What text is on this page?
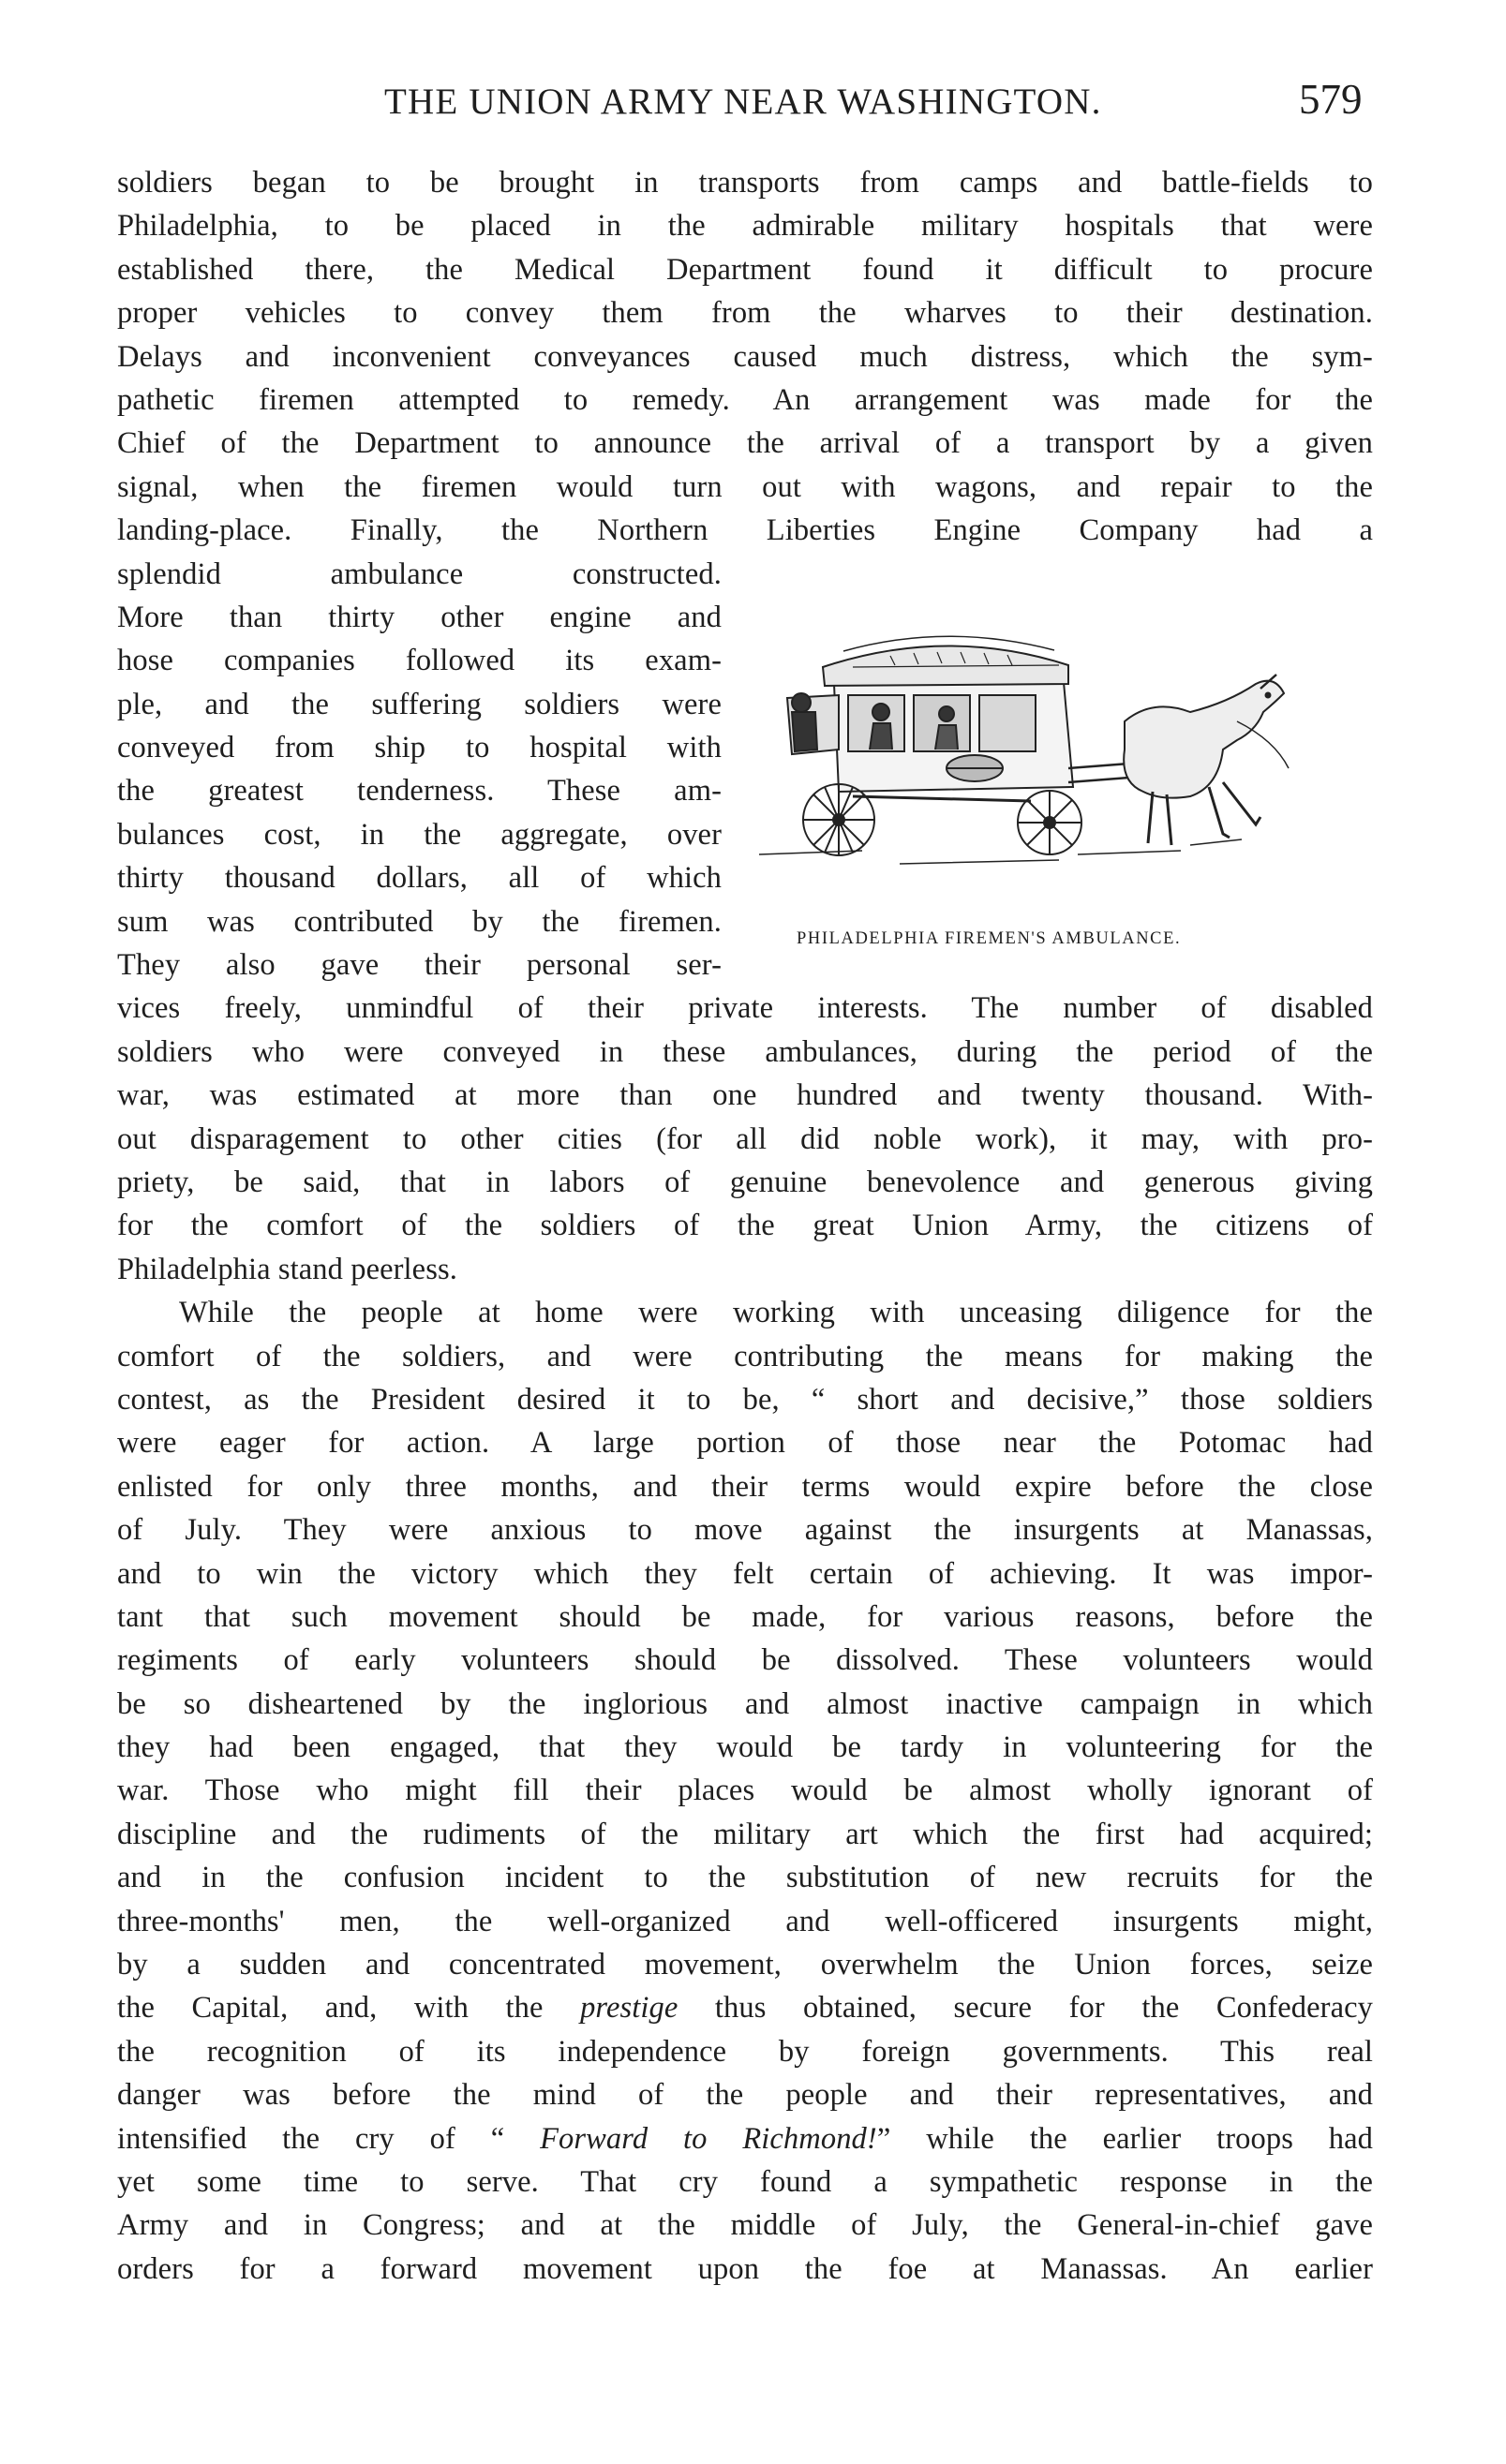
THE UNION ARMY NEAR WASHINGTON.	579
PHILADELPHIA FIREMEN'S AMBULANCE.
soldiers began to be brought in transports from camps and battle-fields to
Philadelphia, to be placed in the admirable military hospitals that were
established there, the Medical Department found it difficult to procure
proper vehicles to convey them from the wharves to their destination.
Delays and inconvenient conveyances caused much distress, which the sym-
pathetic firemen attempted to remedy. An arrangement was made for the
Chief of the Department to announce the arrival of a transport by a given
signal, when the firemen would turn out with wagons, and repair to the
landing-place. Finally, the Northern Liberties Engine Company had a
splendid ambulance constructed.
More than thirty other engine and
hose companies followed its exam-
ple, and the suffering soldiers were
conveyed from ship to hospital with
the greatest tenderness. These am-
bulances cost, in the aggregate, over
thirty thousand dollars, all of which
sum was contributed by the firemen.
They also gave their personal ser-
vices freely, unmindful of their private interests. The number of disabled
soldiers who were conveyed in these ambulances, during the period of the
war, was estimated at more than one hundred and twenty thousand. With-
out disparagement to other cities (for all did noble work), it may, with pro-
priety, be said, that in labors of genuine benevolence and generous giving
for the comfort of the soldiers of the great Union Army, the citizens of
Philadelphia stand peerless.
While the people at home were working with unceasing diligence for the
comfort of the soldiers, and were contributing the means for making the
contest, as the President desired it to be, “ short and decisive,” those soldiers
were eager for action. A large portion of those near the Potomac had
enlisted for only three months, and their terms would expire before the close
of July. They were anxious to move against the insurgents at Manassas,
and to win the victory which they felt certain of achieving. It was impor-
tant that such movement should be made, for various reasons, before the
regiments of early volunteers should be dissolved. These volunteers would
be so disheartened by the inglorious and almost inactive campaign in which
they had been engaged, that they would be tardy in volunteering for the
war. Those who might fill their places would be almost wholly ignorant of
discipline and the rudiments of the military art which the first had acquired;
and in the confusion incident to the substitution of new recruits for the
three-months' men, the well-organized and well-officered insurgents might,
by a sudden and concentrated movement, overwhelm the Union forces, seize
the Capital, and, with the prestige thus obtained, secure for the Confederacy
the recognition of its independence by foreign governments. This real
danger was before the mind of the people and their representatives, and
intensified the cry of “ Forward to Richmond!” while the earlier troops had
yet some time to serve. That cry found a sympathetic response in the
Army and in Congress; and at the middle of July, the General-in-chief gave
orders for a forward movement upon the foe at Manassas. An earlier
